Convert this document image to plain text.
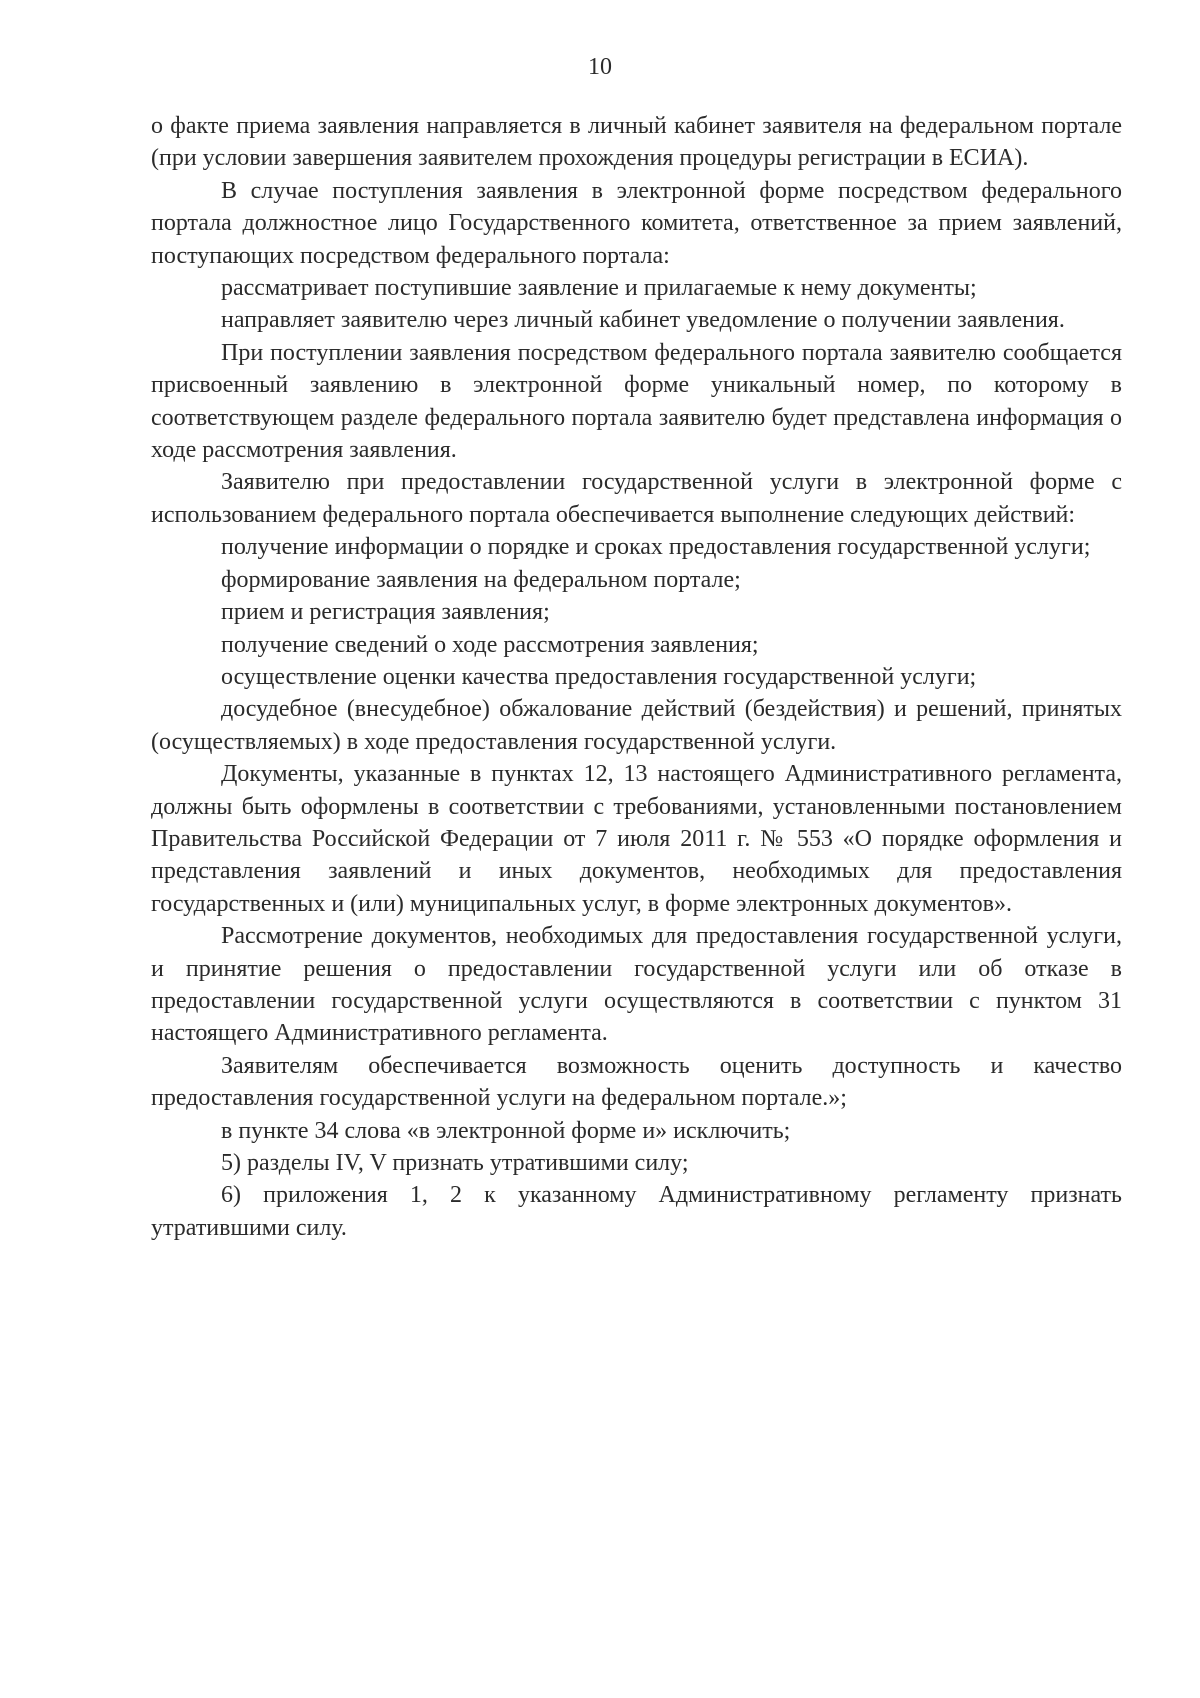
10

о факте приема заявления направляется в личный кабинет заявителя на федеральном портале (при условии завершения заявителем прохождения процедуры регистрации в ЕСИА).

В случае поступления заявления в электронной форме посредством федерального портала должностное лицо Государственного комитета, ответственное за прием заявлений, поступающих посредством федерального портала:

рассматривает поступившие заявление и прилагаемые к нему документы;

направляет заявителю через личный кабинет уведомление о получении заявления.

При поступлении заявления посредством федерального портала заявителю сообщается присвоенный заявлению в электронной форме уникальный номер, по которому в соответствующем разделе федерального портала заявителю будет представлена информация о ходе рассмотрения заявления.

Заявителю при предоставлении государственной услуги в электронной форме с использованием федерального портала обеспечивается выполнение следующих действий:

получение информации о порядке и сроках предоставления государственной услуги;

формирование заявления на федеральном портале;

прием и регистрация заявления;

получение сведений о ходе рассмотрения заявления;

осуществление оценки качества предоставления государственной услуги;

досудебное (внесудебное) обжалование действий (бездействия) и решений, принятых (осуществляемых) в ходе предоставления государственной услуги.

Документы, указанные в пунктах 12, 13 настоящего Административного регламента, должны быть оформлены в соответствии с требованиями, установленными постановлением Правительства Российской Федерации от 7 июля 2011 г. № 553 «О порядке оформления и представления заявлений и иных документов, необходимых для предоставления государственных и (или) муниципальных услуг, в форме электронных документов».

Рассмотрение документов, необходимых для предоставления государственной услуги, и принятие решения о предоставлении государственной услуги или об отказе в предоставлении государственной услуги осуществляются в соответствии с пунктом 31 настоящего Административного регламента.

Заявителям обеспечивается возможность оценить доступность и качество предоставления государственной услуги на федеральном портале.»;

в пункте 34 слова «в электронной форме и» исключить;

5) разделы IV, V признать утратившими силу;

6) приложения 1, 2 к указанному Административному регламенту признать утратившими силу.
